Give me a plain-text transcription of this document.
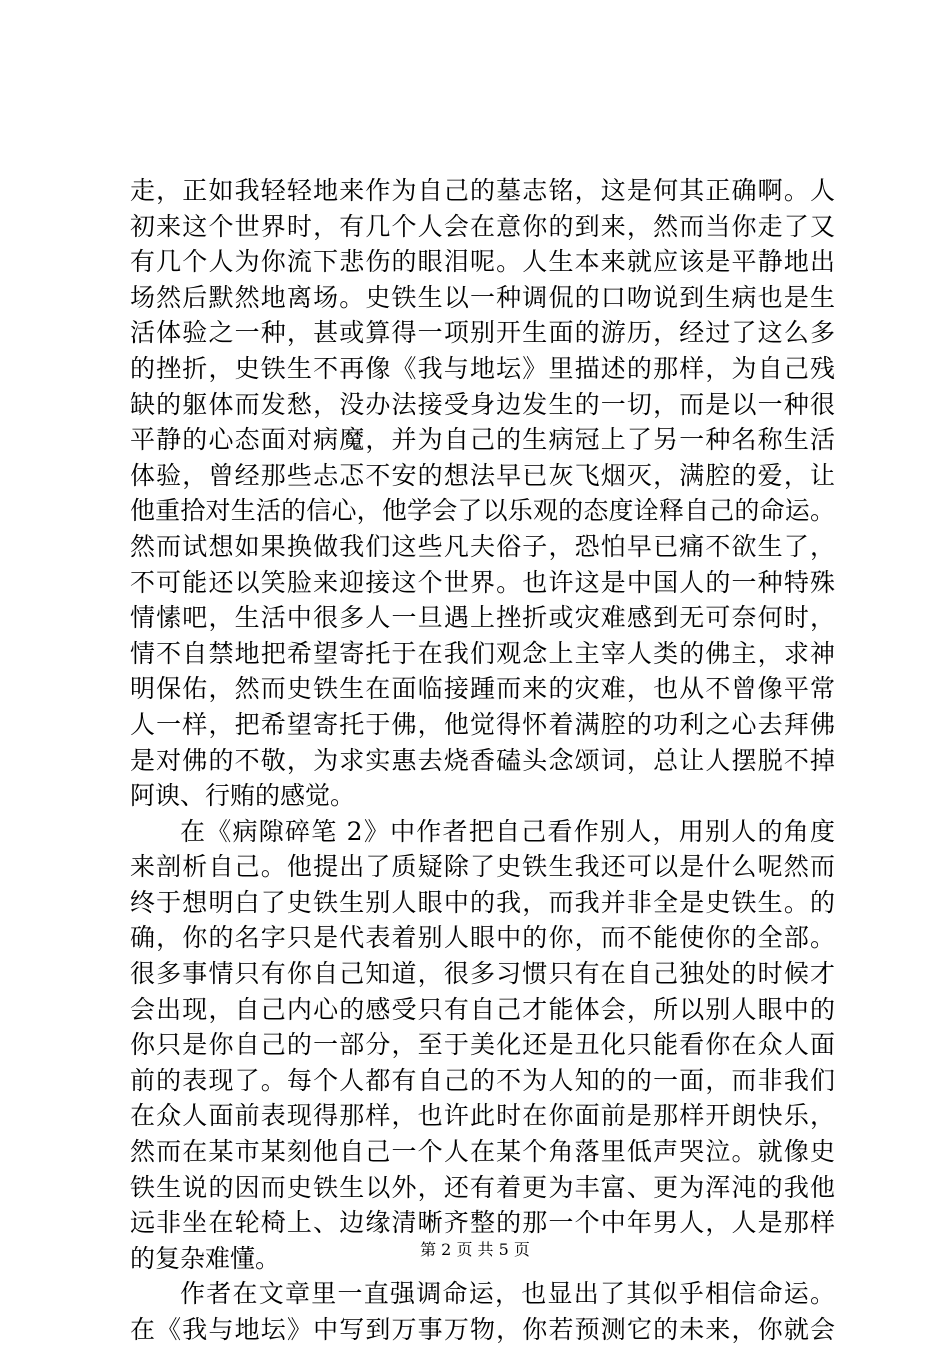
走，正如我轻轻地来作为自己的墓志铭，这是何其正确啊。人
初来这个世界时，有几个人会在意你的到来，然而当你走了又
有几个人为你流下悲伤的眼泪呢。人生本来就应该是平静地出
场然后默然地离场。史铁生以一种调侃的口吻说到生病也是生
活体验之一种，甚或算得一项别开生面的游历，经过了这么多
的挫折，史铁生不再像《我与地坛》里描述的那样，为自己残
缺的躯体而发愁，没办法接受身边发生的一切，而是以一种很
平静的心态面对病魔，并为自己的生病冠上了另一种名称生活
体验，曾经那些忐忑不安的想法早已灰飞烟灭，满腔的爱，让
他重拾对生活的信心，他学会了以乐观的态度诠释自己的命运。
然而试想如果换做我们这些凡夫俗子，恐怕早已痛不欲生了，
不可能还以笑脸来迎接这个世界。也许这是中国人的一种特殊
情愫吧，生活中很多人一旦遇上挫折或灾难感到无可奈何时，
情不自禁地把希望寄托于在我们观念上主宰人类的佛主，求神
明保佑，然而史铁生在面临接踵而来的灾难，也从不曾像平常
人一样，把希望寄托于佛，他觉得怀着满腔的功利之心去拜佛
是对佛的不敬，为求实惠去烧香磕头念颂词，总让人摆脱不掉
阿谀、行贿的感觉。
在《病隙碎笔 2》中作者把自己看作别人，用别人的角度
来剖析自己。他提出了质疑除了史铁生我还可以是什么呢然而
终于想明白了史铁生别人眼中的我，而我并非全是史铁生。的
确，你的名字只是代表着别人眼中的你，而不能使你的全部。
很多事情只有你自己知道，很多习惯只有在自己独处的时候才
会出现，自己内心的感受只有自己才能体会，所以别人眼中的
你只是你自己的一部分，至于美化还是丑化只能看你在众人面
前的表现了。每个人都有自己的不为人知的的一面，而非我们
在众人面前表现得那样，也许此时在你面前是那样开朗快乐，
然而在某市某刻他自己一个人在某个角落里低声哭泣。就像史
铁生说的因而史铁生以外，还有着更为丰富、更为浑沌的我他
远非坐在轮椅上、边缘清晰齐整的那一个中年男人，人是那样
的复杂难懂。
作者在文章里一直强调命运，也显出了其似乎相信命运。
在《我与地坛》中写到万事万物，你若预测它的未来，你就会
第 2 页 共 5 页
